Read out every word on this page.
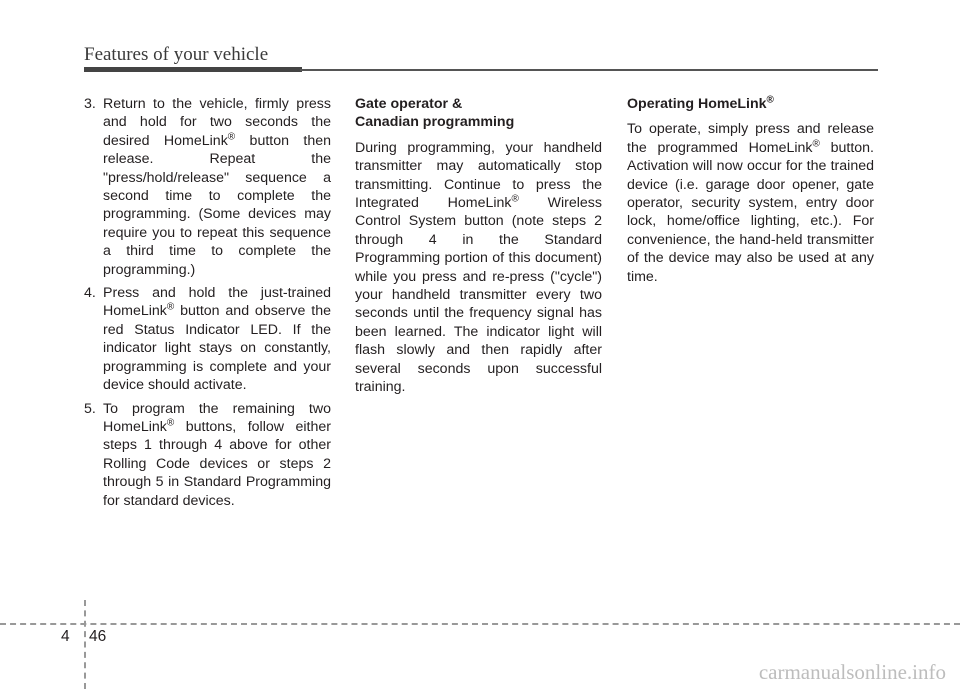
Features of your vehicle
3. Return to the vehicle, firmly press and hold for two seconds the desired HomeLink® button then release. Repeat the "press/hold/release" sequence a second time to complete the programming. (Some devices may require you to repeat this sequence a third time to complete the programming.)
4. Press and hold the just-trained HomeLink® button and observe the red Status Indicator LED. If the indicator light stays on constantly, programming is complete and your device should activate.
5. To program the remaining two HomeLink® buttons, follow either steps 1 through 4 above for other Rolling Code devices or steps 2 through 5 in Standard Programming for standard devices.
Gate operator &
Canadian programming

During programming, your handheld transmitter may automatically stop transmitting. Continue to press the Integrated HomeLink® Wireless Control System button (note steps 2 through 4 in the Standard Programming portion of this document) while you press and re-press ("cycle") your handheld transmitter every two seconds until the frequency signal has been learned. The indicator light will flash slowly and then rapidly after several seconds upon successful training.

Operating HomeLink®

To operate, simply press and release the programmed HomeLink® button. Activation will now occur for the trained device (i.e. garage door opener, gate operator, security system, entry door lock, home/office lighting, etc.). For convenience, the hand-held transmitter of the device may also be used at any time.

4 46
carmanualsonline.info
